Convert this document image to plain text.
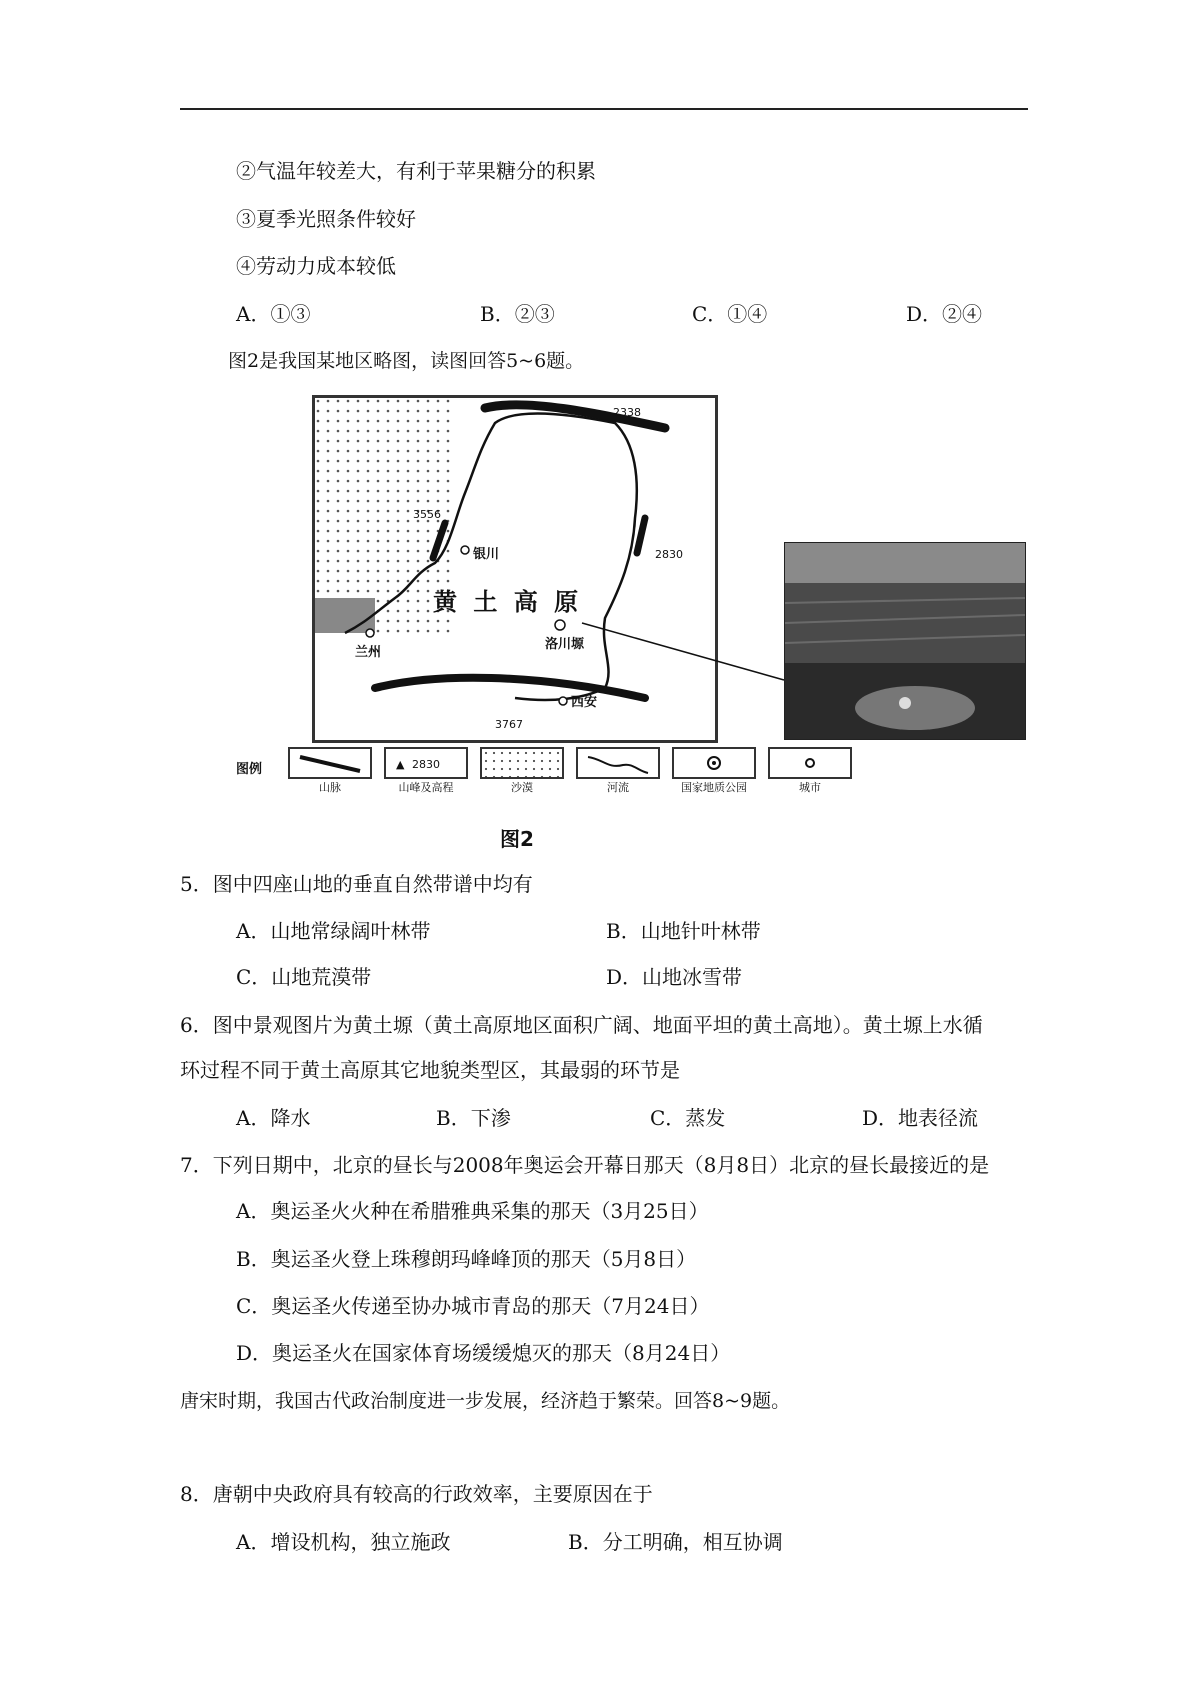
②气温年较差大，有利于苹果糖分的积累
③夏季光照条件较好
④劳动力成本较低
A．①③	B．②③	C．①④	D．②④
图2是我国某地区略图，读图回答5~6题。
2338
3556
2830
3767
银川
兰州
洛川塬
西安
黄 土 高 原
图例	▲ 2830
山脉	山峰及高程	沙漠	河流	国家地质公园	城市
图2
5．图中四座山地的垂直自然带谱中均有
A．山地常绿阔叶林带	B．山地针叶林带
C．山地荒漠带	D．山地冰雪带
6．图中景观图片为黄土塬（黄土高原地区面积广阔、地面平坦的黄土高地）。黄土塬上水循
环过程不同于黄土高原其它地貌类型区，其最弱的环节是
A．降水	B．下渗	C．蒸发	D．地表径流
7．下列日期中，北京的昼长与2008年奥运会开幕日那天（8月8日）北京的昼长最接近的是
A．奥运圣火火种在希腊雅典采集的那天（3月25日）
B．奥运圣火登上珠穆朗玛峰峰顶的那天（5月8日）
C．奥运圣火传递至协办城市青岛的那天（7月24日）
D．奥运圣火在国家体育场缓缓熄灭的那天（8月24日）
唐宋时期，我国古代政治制度进一步发展，经济趋于繁荣。回答8~9题。
8．唐朝中央政府具有较高的行政效率，主要原因在于
A．增设机构，独立施政	B．分工明确，相互协调
